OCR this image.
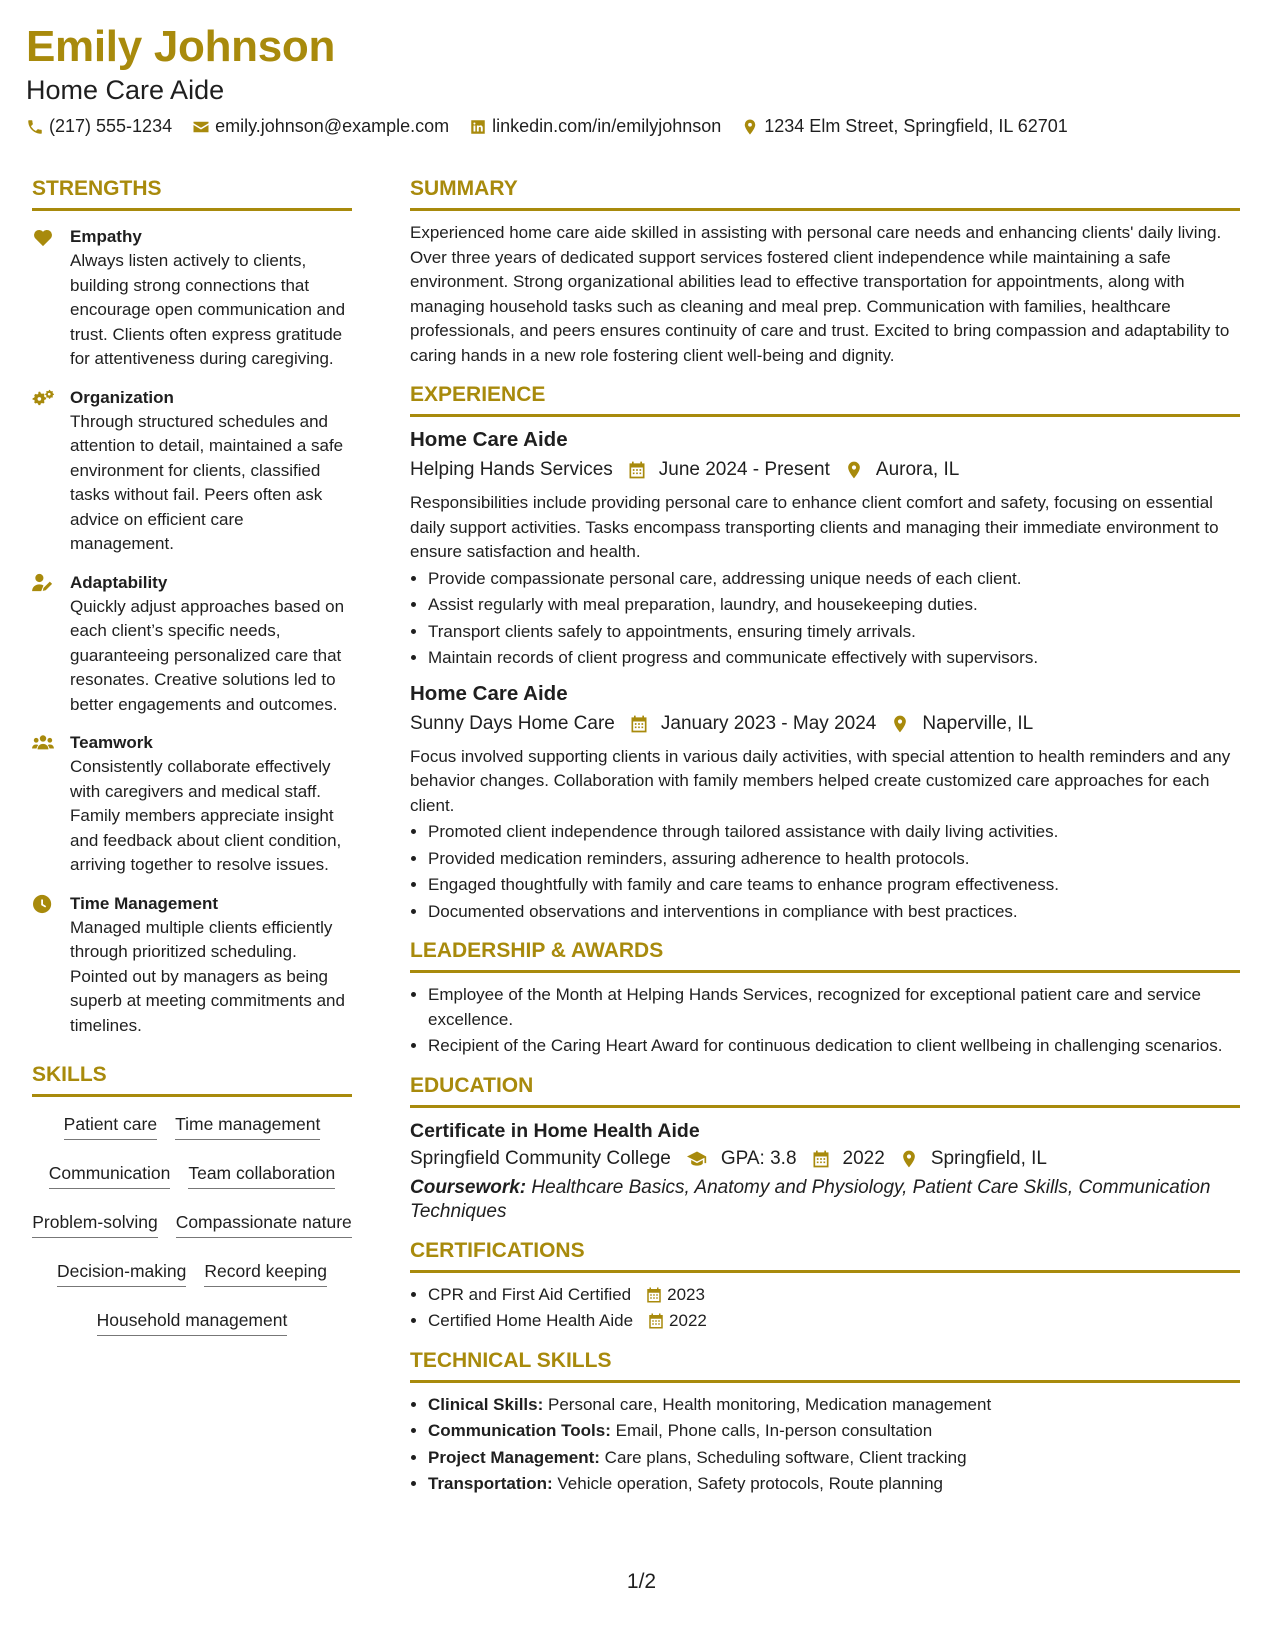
Emily Johnson
Home Care Aide
(217) 555-1234 emily.johnson@example.com linkedin.com/in/emilyjohnson 1234 Elm Street, Springfield, IL 62701
STRENGTHS
Empathy
Always listen actively to clients, building strong connections that encourage open communication and trust. Clients often express gratitude for attentiveness during caregiving.
Organization
Through structured schedules and attention to detail, maintained a safe environment for clients, classified tasks without fail. Peers often ask advice on efficient care management.
Adaptability
Quickly adjust approaches based on each client’s specific needs, guaranteeing personalized care that resonates. Creative solutions led to better engagements and outcomes.
Teamwork
Consistently collaborate effectively with caregivers and medical staff. Family members appreciate insight and feedback about client condition, arriving together to resolve issues.
Time Management
Managed multiple clients efficiently through prioritized scheduling. Pointed out by managers as being superb at meeting commitments and timelines.
SKILLS
Patient care Time management
Communication Team collaboration
Problem-solving Compassionate nature
Decision-making Record keeping
Household management
SUMMARY
Experienced home care aide skilled in assisting with personal care needs and enhancing clients' daily living. Over three years of dedicated support services fostered client independence while maintaining a safe environment. Strong organizational abilities lead to effective transportation for appointments, along with managing household tasks such as cleaning and meal prep. Communication with families, healthcare professionals, and peers ensures continuity of care and trust. Excited to bring compassion and adaptability to caring hands in a new role fostering client well-being and dignity.
EXPERIENCE
Home Care Aide
Helping Hands Services June 2024 - Present Aurora, IL
Responsibilities include providing personal care to enhance client comfort and safety, focusing on essential daily support activities. Tasks encompass transporting clients and managing their immediate environment to ensure satisfaction and health.
• Provide compassionate personal care, addressing unique needs of each client.
• Assist regularly with meal preparation, laundry, and housekeeping duties.
• Transport clients safely to appointments, ensuring timely arrivals.
• Maintain records of client progress and communicate effectively with supervisors.
Home Care Aide
Sunny Days Home Care January 2023 - May 2024 Naperville, IL
Focus involved supporting clients in various daily activities, with special attention to health reminders and any behavior changes. Collaboration with family members helped create customized care approaches for each client.
• Promoted client independence through tailored assistance with daily living activities.
• Provided medication reminders, assuring adherence to health protocols.
• Engaged thoughtfully with family and care teams to enhance program effectiveness.
• Documented observations and interventions in compliance with best practices.
LEADERSHIP & AWARDS
• Employee of the Month at Helping Hands Services, recognized for exceptional patient care and service excellence.
• Recipient of the Caring Heart Award for continuous dedication to client wellbeing in challenging scenarios.
EDUCATION
Certificate in Home Health Aide
Springfield Community College	GPA: 3.8 2022 Springfield, IL
Coursework: Healthcare Basics, Anatomy and Physiology, Patient Care Skills, Communication Techniques
CERTIFICATIONS
• CPR and First Aid Certified 2023
• Certified Home Health Aide 2022
TECHNICAL SKILLS
• Clinical Skills: Personal care, Health monitoring, Medication management
• Communication Tools: Email, Phone calls, In-person consultation
• Project Management: Care plans, Scheduling software, Client tracking
• Transportation: Vehicle operation, Safety protocols, Route planning
1/2
